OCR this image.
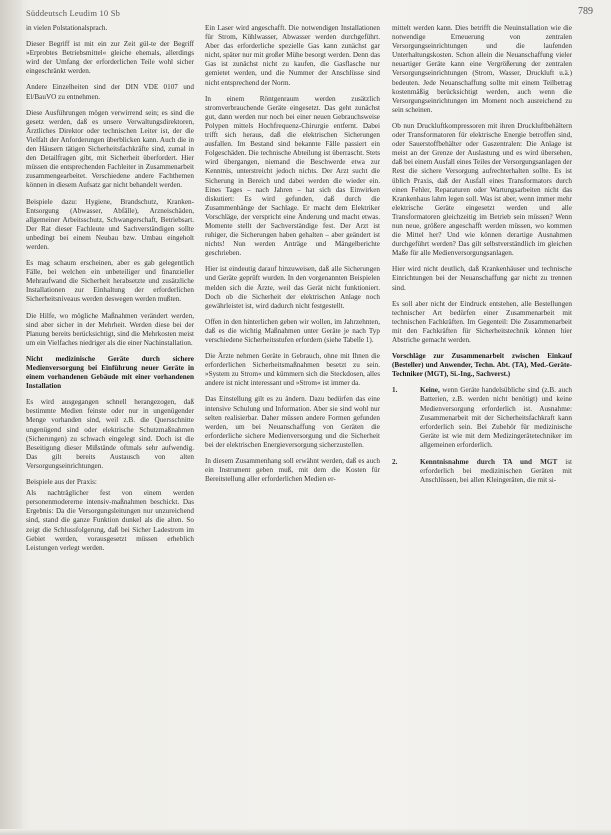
Süddeutsch Leudim 10 Sb	789

in vielen Polstationalsprach.

Dieser Begriff ist mit ein zur Zeit gül-te der Begriff »Erprobtes Betriebsmittel« gleiche ehemals, allerdings wird der Umfang der erforderlichen Teile wohl sicher eingeschränkt werden.

Andere Einzelheiten sind der DIN VDE 0107 und El/BauVO zu entnehmen.

Diese Ausführungen mögen verwirrend sein; es sind die gesetz werden, daß es unsere Verwaltungsdirektoren, Ärztliches Direktor oder technischen Leiter ist, der die Vielfalt der Anforderungen überblicken kann. Auch die in den Häusern tätigen Sicherheitsfachkräfte sind, zumal in den Detailfragen gibt, mit Sicherheit überfordert. Hier müssen die entsprechenden Fachleiter in Zusammenarbeit zusammengearbeitet. Verschiedene andere Fachthemen können in diesem Aufsatz gar nicht behandelt werden.

Beispiele dazu: Hygiene, Brandschutz, Kranken-Entsorgung (Abwasser, Abfälle), Arzneischäden, allgemeiner Arbeitsschutz, Schwangerschaft, Betriebsart. Der Rat dieser Fachleute und Sachverständigen sollte unbedingt bei einem Neubau bzw. Umbau eingeholt werden.

Es mag schaum erscheinen, aber es gab gelegentlich Fälle, bei welchen ein unbeteiliger und finanzieller Mehraufwand die Sicherheit herabsetzte und zusätzliche Installationen zur Einhaltung der erforderlichen Sicherheitsniveaus werden deswegen werden mußten.

Die Hilfe, wo mögliche Maßnahmen verändert werden, sind aber sicher in der Mehrheit. Werden diese bei der Planung bereits berücksichtigt, sind die Mehrkosten meist um ein Vielfaches niedriger als die einer Nachinstallation.

Nicht medizinische Geräte durch sichere Medienversorgung bei Einführung neuer Geräte in einem vorhandenen Gebäude mit einer vorhandenen Installation

Es wird ausgegangen schnell herangezogen, daß bestimmte Medien feinste oder nur in ungenügender Menge vorhanden sind, weil z.B. die Quersschnitte ungenügend sind oder elektrische Schutzmaßnahmen (Sicherungen) zu schwach eingelegt sind. Doch ist die Beseitigung dieser Mißstände oftmals sehr aufwendig. Das gilt bereits Austausch von alten Versorgungseinrichtungen.

Beispiele aus der Praxis:

Als nachträglicher fest von einem werden personenmodererne intensiv-maßnahmen beschickt. Das Ergebnis: Da die Versorgungsleitungen nur unzureichend sind, stand die ganze Funktion dunkel als die alten. So zeigt die Schlussfolgerung, daß bei Sicher Ladestrom im Gebiet werden, vorausgesetzt müssen erheblich Leistungen verlegt werden.

Ein Laser wird angeschafft. Die notwendigen Installationen für Strom, Kühlwasser, Abwasser werden durchgeführt. Aber das erforderliche spezielle Gas kann zunächst gar nicht, später nur mit großer Mühe besorgt werden. Denn das Gas ist zunächst nicht zu kaufen, die Gasflasche nur gemietet werden, und die Nummer der Anschlüsse sind nicht entsprechend der Norm.

In einem Röntgenraum werden zusätzlich stromverbrauchende Geräte eingesetzt. Das geht zunächst gut, dann werden nur noch bei einer neuen Gebrauchsweise Polypen mittels Hochfrequenz-Chirurgie entfernt. Dabei trifft sich heraus, daß die elektrischen Sicherungen ausfallen. Im Bestand sind bekannte Fälle passiert ein Folgeschäden. Die technische Abteilung ist überrascht. Stets wird übergangen, niemand die Beschwerde etwa zur Kenntnis, unterstreicht jedoch nichts. Der Arzt sucht die Sicherung in Bereich und dabei werden die wieder ein. Eines Tages – nach Jahren – hat sich das Einwirken diskutiert: Es wird gefunden, daß durch die Zusammenhänge der Sachlage. Er macht dem Elektriker Vorschläge, der verspricht eine Änderung und macht etwas. Momente stellt der Sachverständige fest. Der Arzt ist ruhiger, die Sicherungen haben gehalten – aber geändert ist nichts! Nun werden Anträge und Mängelberichte geschrieben.

Hier ist eindeutig darauf hinzuweisen, daß alle Sicherungen und Geräte geprüft wurden. In den vorgenannten Beispielen melden sich die Ärzte, weil das Gerät nicht funktioniert. Doch ob die Sicherheit der elektrischen Anlage noch gewährleistet ist, wird dadurch nicht festgestellt.

Offen in den hinterlichen geben wir wollen, im Jahrzehnten, daß es die wichtig Maßnahmen unter Geräte je nach Typ verschiedene Sicherheitsstufen erfordern (siehe Tabelle 1).

Die Ärzte nehmen Geräte in Gebrauch, ohne mit Ihnen die erforderlichen Sicherheitsmaßnahmen besetzt zu sein. »System zu Strom« und kümmern sich die Steckdosen, alles andere ist nicht interessant und »Strom« ist immer da.

Das Einstellung gilt es zu ändern. Dazu bedürfen das eine intensive Schulung und Information. Aber sie sind wohl nur selten realisierbar. Daher müssen andere Formen gefunden werden, um bei Neuanschaffung von Geräten die erforderliche sichere Medienversorgung und die Sicherheit bei der elektrischen Energieversorgung sicherzustellen.

In diesem Zusammenhang soll erwähnt werden, daß es auch ein Instrument geben muß, mit dem die Kosten für Bereitstellung aller erforderlichen Medien er-

mittelt werden kann. Dies betrifft die Neuinstallation wie die notwendige Erneuerung von zentralen Versorgungseinrichtungen und die laufenden Unterhaltungskosten. Schon allein die Neuanschaffung vieler neuartiger Geräte kann eine Vergrößerung der zentralen Versorgungseinrichtungen (Strom, Wasser, Druckluft u.ä.) bedeuten. Jede Neuanschaffung sollte mit einem Teilbetrag kostenmäßig berücksichtigt werden, auch wenn die Versorgungseinrichtungen im Moment noch ausreichend zu sein scheinen.

Ob nun Druckluftkompressoren mit ihren Druckluftbehältern oder Transformatoren für elektrische Energie betroffen sind, oder Sauerstoffbehälter oder Gaszentralen: Die Anlage ist meist an der Grenze der Auslastung und es wird übersehen, daß bei einem Ausfall eines Teiles der Versorgungsanlagen der Rest die sichere Versorgung aufrechterhalten sollte. Es ist üblich Praxis, daß der Ausfall eines Transformators durch einen Fehler, Reparaturen oder Wartungsarbeiten nicht das Krankenhaus lahm legen soll. Was ist aber, wenn immer mehr elektrische Geräte eingesetzt werden und alle Transformatoren gleichzeitig im Betrieb sein müssen? Wenn nun neue, größere angeschafft werden müssen, wo kommen die Mittel her? Und wie können derartige Ausnahmen durchgeführt werden? Das gilt selbstverständlich im gleichen Maße für alle Medienversorgungsanlagen.

Hier wird nicht deutlich, daß Krankenhäuser und technische Einrichtungen bei der Neuanschaffung gar nicht zu trennen sind.

Es soll aber nicht der Eindruck entstehen, alle Bestellungen technischer Art bedürfen einer Zusammenarbeit mit technischen Fachkräften. Im Gegenteil: Die Zusammenarbeit mit den Fachkräften für Sicherheitstechnik können hier Abstriche gemacht werden.

Vorschläge zur Zusammenarbeit zwischen Einkauf (Besteller) und Anwender, Techn. Abt. (TA), Med.-Geräte-Techniker (MGT), Si.-Ing., Sachverst.)

1.	Keine, wenn Geräte handelsübliche sind (z.B. auch Batterien, z.B. werden nicht benötigt) und keine Medienversorgung erforderlich ist. Ausnahme: Zusammenarbeit mit der Sicherheitsfachkraft kann erforderlich sein. Bei Zubehör für medizinische Geräte ist wie mit dem Medizingerätetechniker im allgemeinen erforderlich.
2.	Kenntnisnahme durch TA und MGT ist erforderlich bei medizinischen Geräten mit Anschlüssen, bei allen Kleingeräten, die mit si-
